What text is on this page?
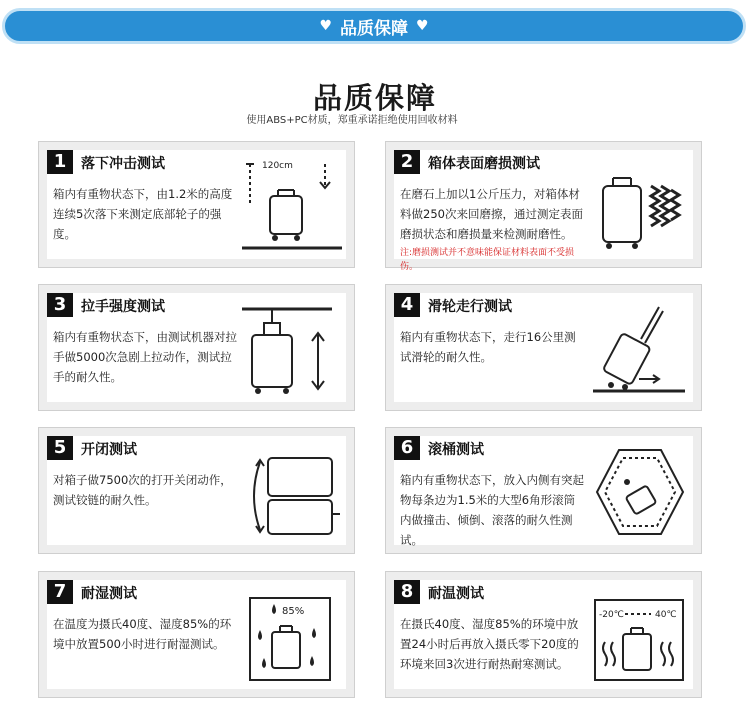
♥ 品质保障 ♥
品质保障
使用ABS+PC材质，郑重承诺拒绝使用回收材料
1	落下冲击测试
箱内有重物状态下，由1.2米的高度连续5次落下来测定底部轮子的强度。
120cm	2	箱体表面磨损测试
在磨石上加以1公斤压力，对箱体材料做250次来回磨擦，通过测定表面磨损状态和磨损量来检测耐磨性。
注:磨损测试并不意味能保证材料表面不受损伤。
3	拉手强度测试
箱内有重物状态下，由测试机器对拉手做5000次急剧上拉动作，测试拉手的耐久性。
4	滑轮走行测试
箱内有重物状态下，走行16公里测试滑轮的耐久性。
5	开闭测试
对箱子做7500次的打开关闭动作，测试铰链的耐久性。
6	滚桶测试
箱内有重物状态下，放入内侧有突起物每条边为1.5米的大型6角形滚筒内做撞击、倾倒、滚落的耐久性测试。
7	耐湿测试
在温度为摄氏40度、湿度85%的环境中放置500小时进行耐湿测试。
85%
8	耐温测试
在摄氏40度、湿度85%的环境中放置24小时后再放入摄氏零下20度的环境来回3次进行耐热耐寒测试。
-20℃	40℃
